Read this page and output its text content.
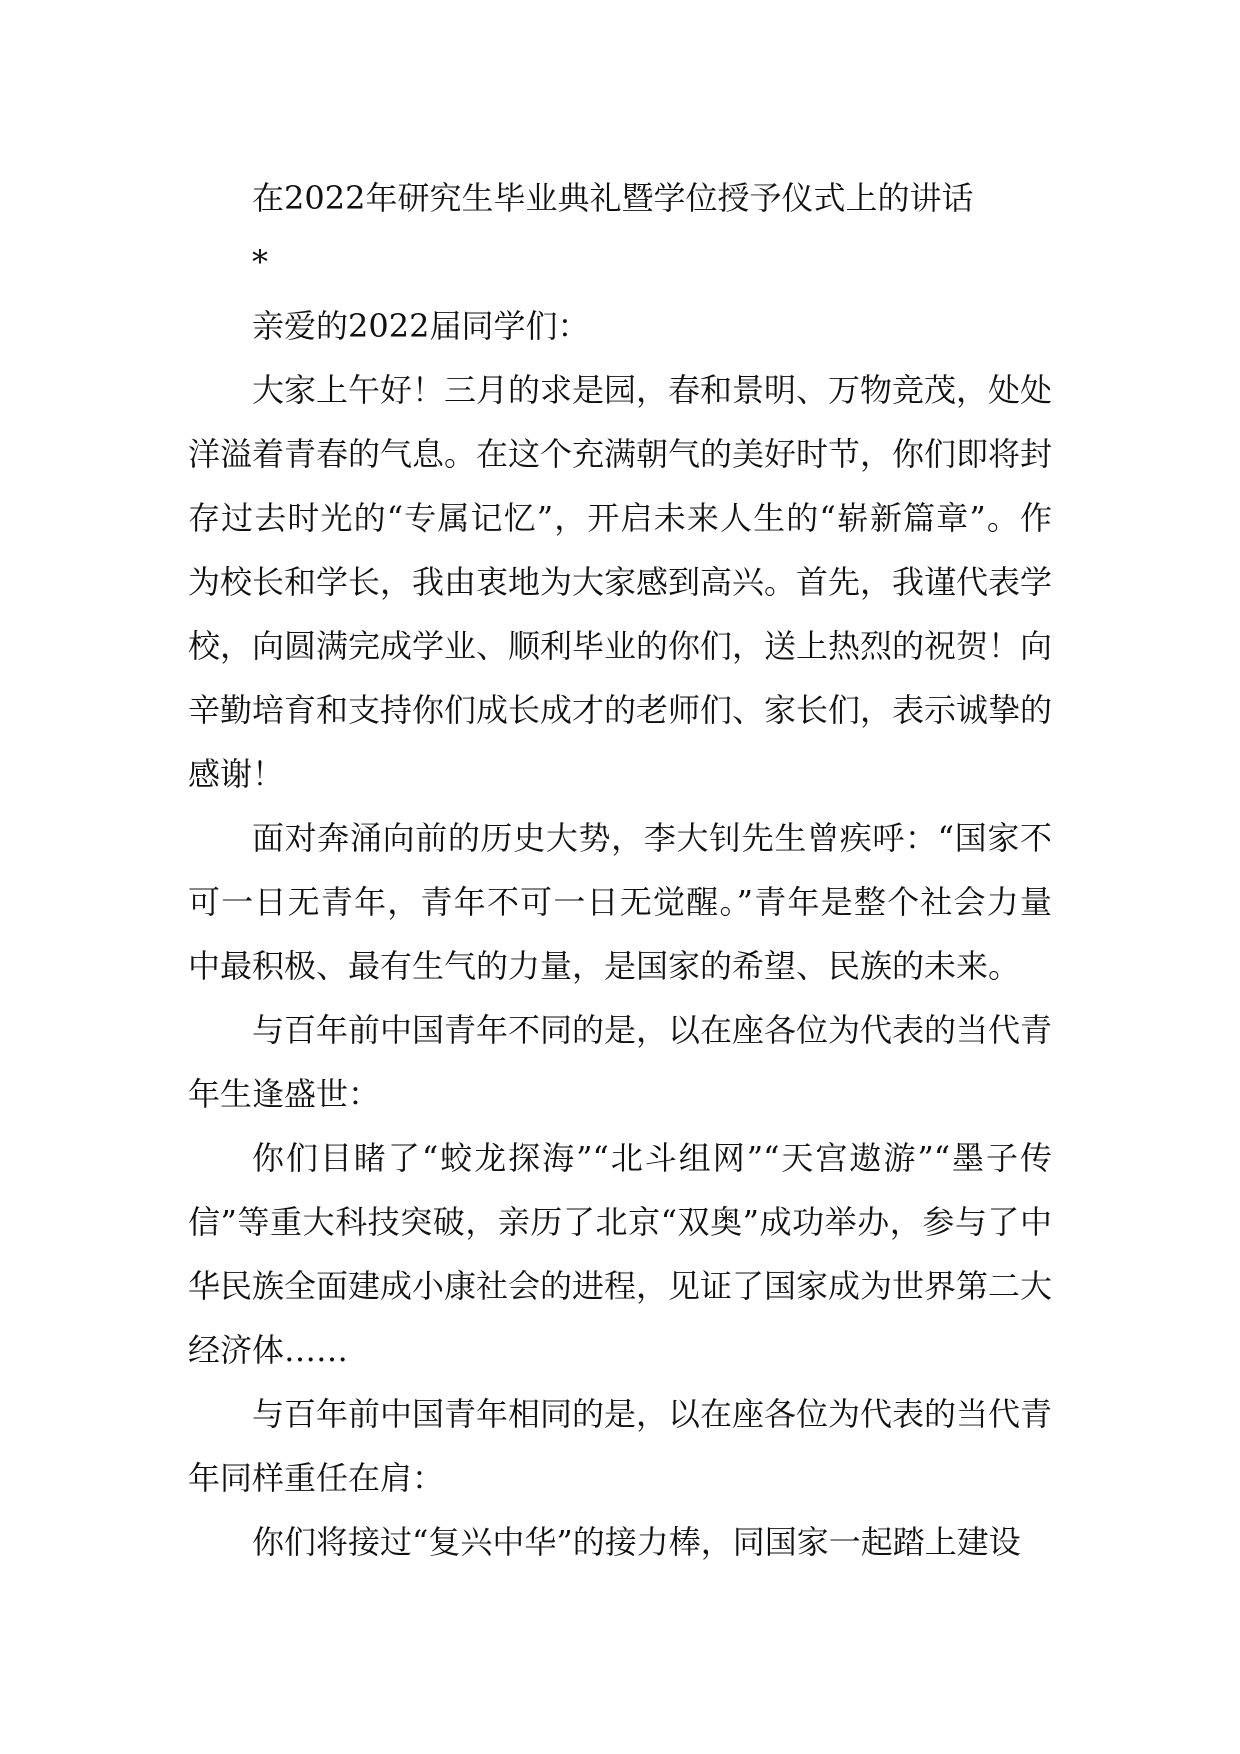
在2022年研究生毕业典礼暨学位授予仪式上的讲话

*

亲爱的2022届同学们：

大家上午好！三月的求是园，春和景明、万物竞茂，处处洋溢着青春的气息。在这个充满朝气的美好时节，你们即将封存过去时光的“专属记忆”，开启未来人生的“崭新篇章”。作为校长和学长，我由衷地为大家感到高兴。首先，我谨代表学校，向圆满完成学业、顺利毕业的你们，送上热烈的祝贺！向辛勤培育和支持你们成长成才的老师们、家长们，表示诚挚的感谢！

面对奔涌向前的历史大势，李大钊先生曾疾呼：“国家不可一日无青年，青年不可一日无觉醒。”青年是整个社会力量中最积极、最有生气的力量，是国家的希望、民族的未来。

与百年前中国青年不同的是，以在座各位为代表的当代青年生逢盛世：

你们目睹了“蛟龙探海”“北斗组网”“天宫遨游”“墨子传信”等重大科技突破，亲历了北京“双奥”成功举办，参与了中华民族全面建成小康社会的进程，见证了国家成为世界第二大经济体……

与百年前中国青年相同的是，以在座各位为代表的当代青年同样重任在肩：

你们将接过“复兴中华”的接力棒，同国家一起踏上建设
